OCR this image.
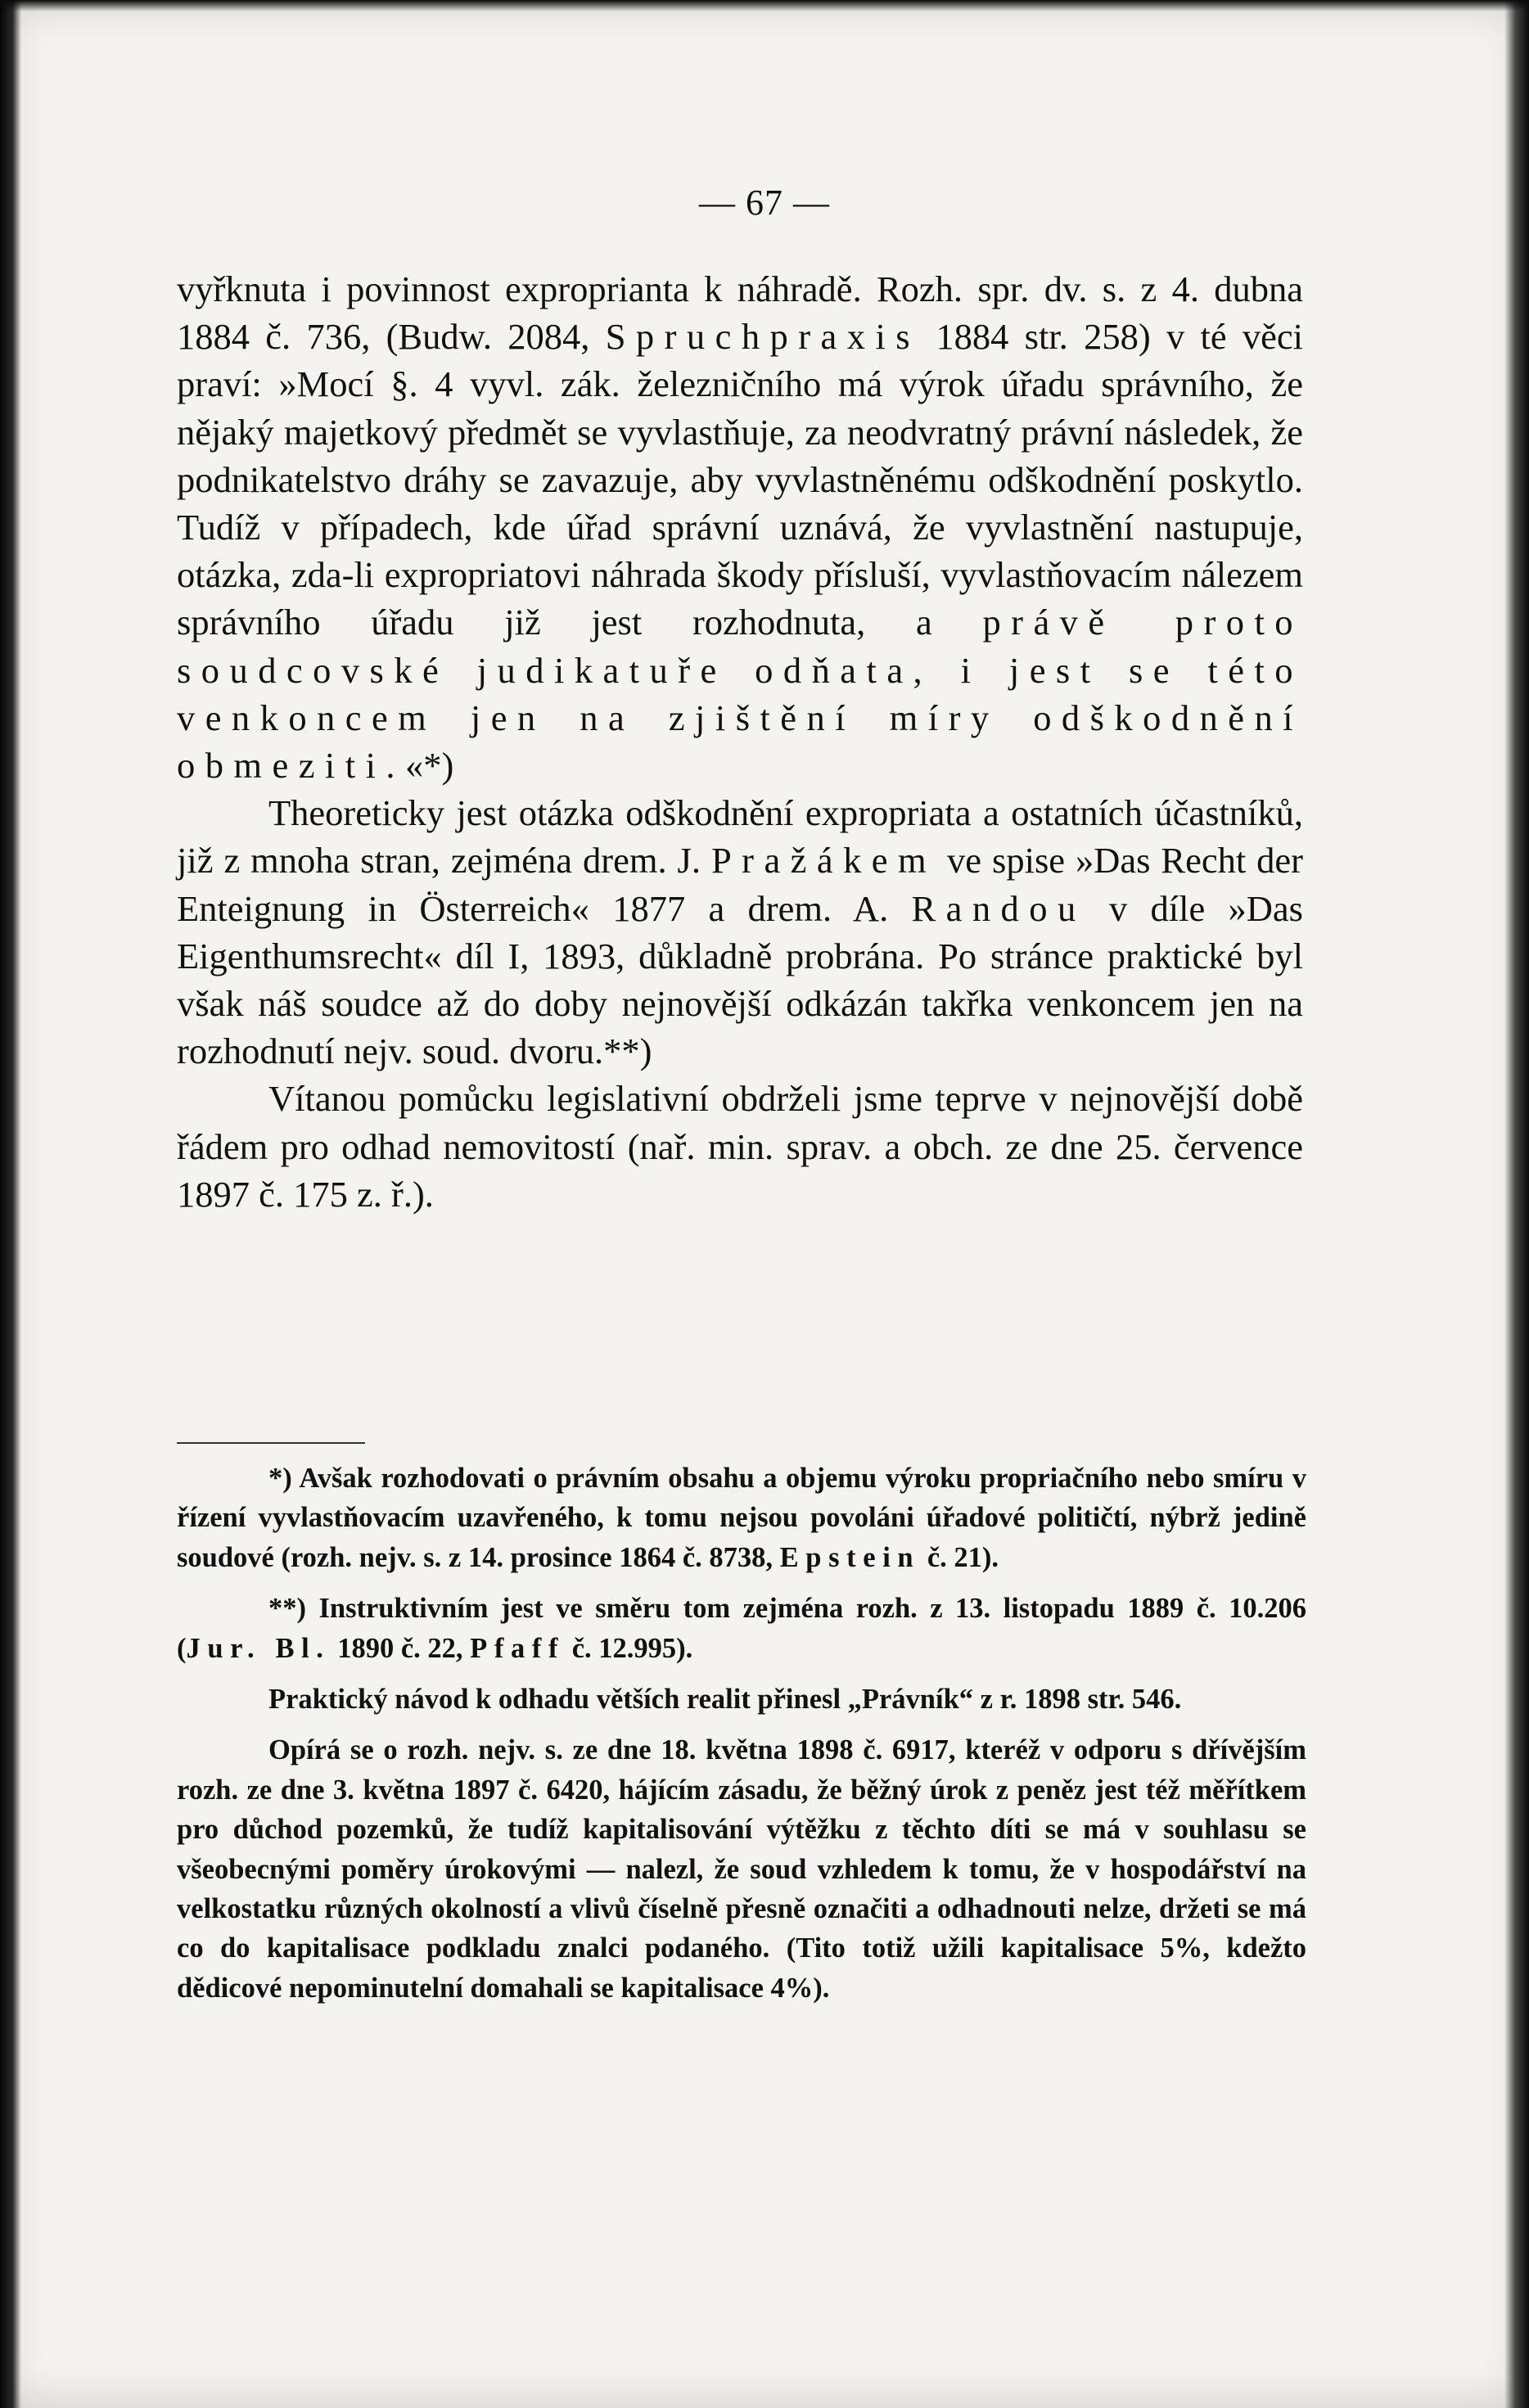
— 67 —

vyřknuta i povinnost exproprianta k náhradě. Rozh. spr. dv. s. z 4. dubna 1884 č. 736, (Budw. 2084, Spruchpraxis 1884 str. 258) v té věci praví: »Mocí §. 4 vyvl. zák. železničního má výrok úřadu správního, že nějaký majetkový předmět se vyvlastňuje, za neodvratný právní následek, že podnikatelstvo dráhy se zavazuje, aby vyvlastněnému odškodnění poskytlo. Tudíž v případech, kde úřad správní uznává, že vyvlastnění nastupuje, otázka, zda-li expropriatovi náhrada škody přísluší, vyvlastňovacím nálezem správního úřadu již jest rozhodnuta, a právě proto soudcovské judikatuře odňata, i jest se této venkoncem jen na zjištění míry odškodnění obmeziti.«*)

Theoreticky jest otázka odškodnění expropriata a ostatních účastníků, již z mnoha stran, zejména drem. J. Pražákem ve spise »Das Recht der Enteignung in Österreich« 1877 a drem. A. Randou v díle »Das Eigenthumsrecht« díl I, 1893, důkladně probrána. Po stránce praktické byl však náš soudce až do doby nejnovější odkázán takřka venkoncem jen na rozhodnutí nejv. soud. dvoru.**)

Vítanou pomůcku legislativní obdrželi jsme teprve v nejnovější době řádem pro odhad nemovitostí (nař. min. sprav. a obch. ze dne 25. července 1897 č. 175 z. ř.).

*) Avšak rozhodovati o právním obsahu a objemu výroku propriačního nebo smíru v řízení vyvlastňovacím uzavřeného, k tomu nejsou povoláni úřadové političtí, nýbrž jedině soudové (rozh. nejv. s. z 14. prosince 1864 č. 8738, Epstein č. 21).

**) Instruktivním jest ve směru tom zejména rozh. z 13. listopadu 1889 č. 10.206 (Jur. Bl. 1890 č. 22, Pfaff č. 12.995).

Praktický návod k odhadu větších realit přinesl „Právník“ z r. 1898 str. 546.

Opírá se o rozh. nejv. s. ze dne 18. května 1898 č. 6917, kteréž v odporu s dřívějším rozh. ze dne 3. května 1897 č. 6420, hájícím zásadu, že běžný úrok z peněz jest též měřítkem pro důchod pozemků, že tudíž kapitalisování výtěžku z těchto díti se má v souhlasu se všeobecnými poměry úrokovými — nalezl, že soud vzhledem k tomu, že v hospodářství na velkostatku různých okolností a vlivů číselně přesně označiti a odhadnouti nelze, držeti se má co do kapitalisace podkladu znalci podaného. (Tito totiž užili kapitalisace 5%, kdežto dědicové nepominutelní domahali se kapitalisace 4%).
